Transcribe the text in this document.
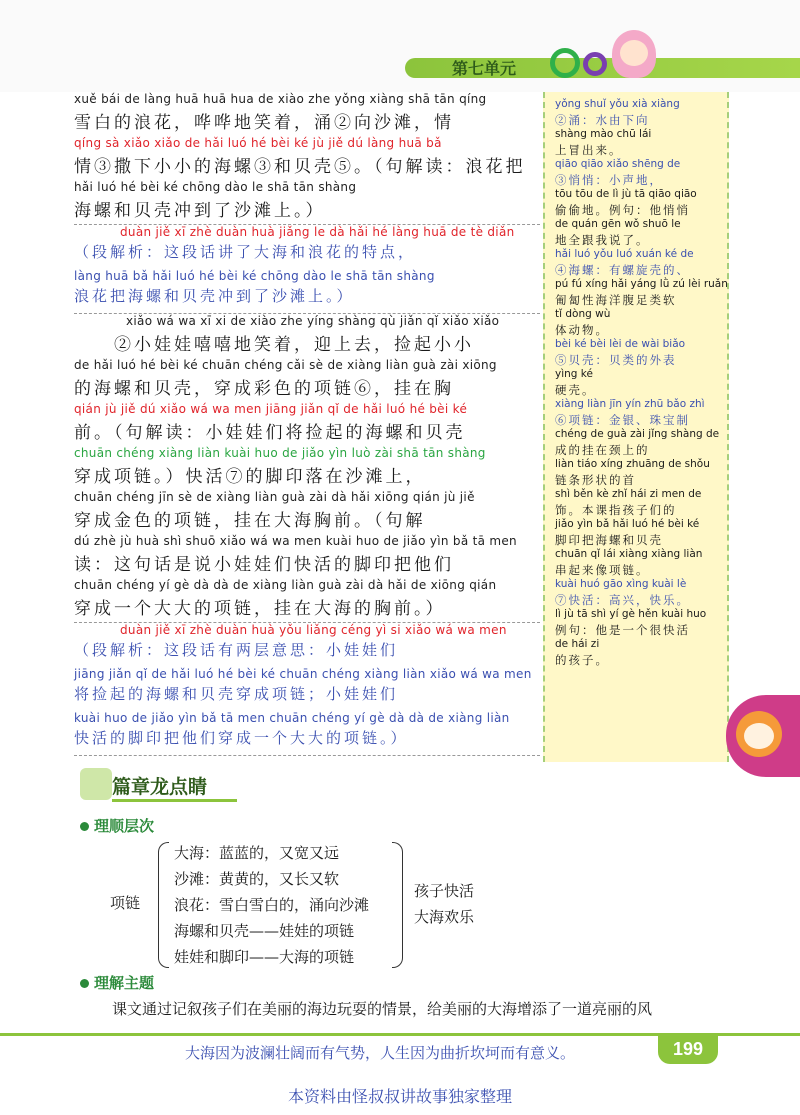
第七单元
xuě bái de làng huā huā hua de xiào zhe yǒng xiàng shā tān qíng
雪白的浪花，哗哗地笑着，涌②向沙滩，情
qíng sà xiǎo xiǎo de hǎi luó hé bèi ké jù jiě dú làng huā bǎ
情③撒下小小的海螺③和贝壳⑤。（句解读：浪花把
hǎi luó hé bèi ké chōng dào le shā tān shàng
海螺和贝壳冲到了沙滩上。）
duàn jiě xī zhè duàn huà jiǎng le dà hǎi hé làng huā de tè diǎn
（段解析：这段话讲了大海和浪花的特点，
làng huā bǎ hǎi luó hé bèi ké chōng dào le shā tān shàng
浪花把海螺和贝壳冲到了沙滩上。）
xiǎo wá wa xī xi de xiào zhe yíng shàng qù jiǎn qǐ xiǎo xiǎo
②小娃娃嘻嘻地笑着，迎上去，捡起小小
de hǎi luó hé bèi ké chuān chéng cǎi sè de xiàng liàn guà zài xiōng
的海螺和贝壳，穿成彩色的项链⑥，挂在胸
qián jù jiě dú xiǎo wá wa men jiāng jiǎn qǐ de hǎi luó hé bèi ké
前。（句解读：小娃娃们将捡起的海螺和贝壳
chuān chéng xiàng liàn kuài huo de jiǎo yìn luò zài shā tān shàng
穿成项链。）快活⑦的脚印落在沙滩上，
chuān chéng jīn sè de xiàng liàn guà zài dà hǎi xiōng qián jù jiě
穿成金色的项链，挂在大海胸前。（句解
dú zhè jù huà shì shuō xiǎo wá wa men kuài huo de jiǎo yìn bǎ tā men
读：这句话是说小娃娃们快活的脚印把他们
chuān chéng yí gè dà dà de xiàng liàn guà zài dà hǎi de xiōng qián
穿成一个大大的项链，挂在大海的胸前。）
duàn jiě xī zhè duàn huà yǒu liǎng céng yì si xiǎo wá wa men
（段解析：这段话有两层意思：小娃娃们
jiāng jiǎn qǐ de hǎi luó hé bèi ké chuān chéng xiàng liàn xiǎo wá wa men
将捡起的海螺和贝壳穿成项链；小娃娃们
kuài huo de jiǎo yìn bǎ tā men chuān chéng yí gè dà dà de xiàng liàn
快活的脚印把他们穿成一个大大的项链。）
yǒng shuǐ yǒu xià xiàng
②涌：水由下向
shàng mào chū lái
上冒出来。
qiāo qiāo xiǎo shēng de
③悄悄：小声地，
tōu tōu de lì jù tā qiāo qiāo
偷偷地。例句：他悄悄
de quán gēn wǒ shuō le
地全跟我说了。
hǎi luó yǒu luó xuán ké de
④海螺：有螺旋壳的、
pú fú xíng hǎi yáng lǜ zú lèi ruǎn
匍匐性海洋腹足类软
tǐ dòng wù
体动物。
bèi ké bèi lèi de wài biǎo
⑤贝壳：贝类的外表
yìng ké
硬壳。
xiàng liàn jīn yín zhū bǎo zhì
⑥项链：金银、珠宝制
chéng de guà zài jǐng shàng de
成的挂在颈上的
liàn tiáo xíng zhuāng de shǒu
链条形状的首
shì běn kè zhǐ hái zi men de
饰。本课指孩子们的
jiǎo yìn bǎ hǎi luó hé bèi ké
脚印把海螺和贝壳
chuān qǐ lái xiàng xiàng liàn
串起来像项链。
kuài huó gāo xìng kuài lè
⑦快活：高兴，快乐。
lì jù tā shì yí gè hěn kuài huo
例句：他是一个很快活
de hái zi
的孩子。
篇章龙点睛
理顺层次
项链
大海：蓝蓝的，又宽又远
沙滩：黄黄的，又长又软
浪花：雪白雪白的，涌向沙滩
海螺和贝壳——娃娃的项链
娃娃和脚印——大海的项链
孩子快活
大海欢乐
理解主题
课文通过记叙孩子们在美丽的海边玩耍的情景，给美丽的大海增添了一道亮丽的风
大海因为波澜壮阔而有气势，人生因为曲折坎坷而有意义。	199
本资料由怪叔叔讲故事独家整理
